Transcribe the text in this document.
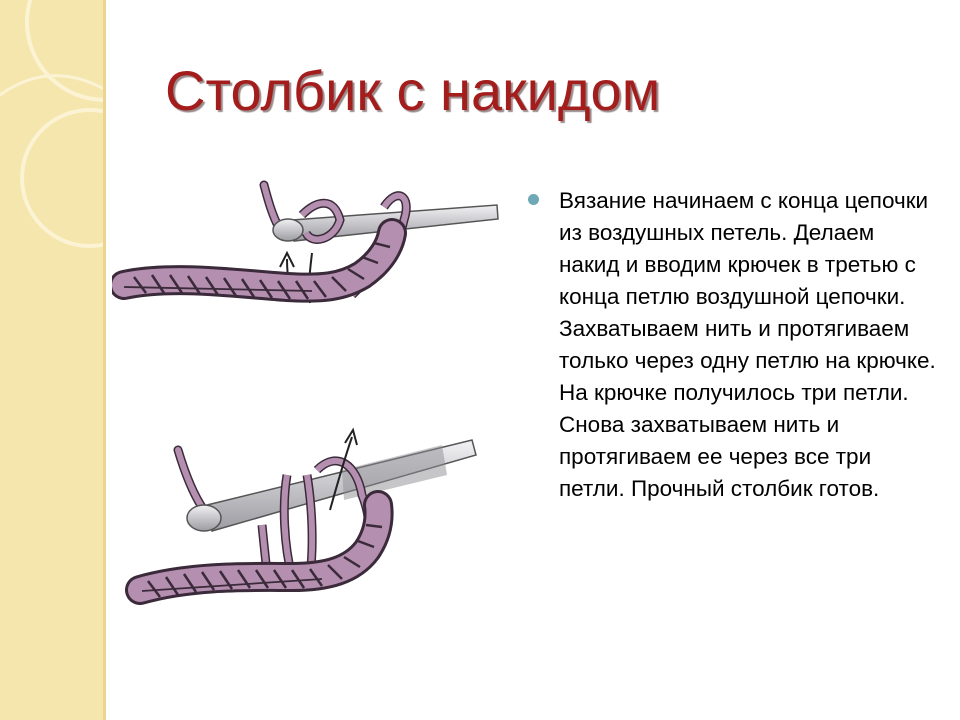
Столбик с накидом

Вязание начинаем с конца цепочки из воздушных петель. Делаем накид и вводим крючек в третью с конца петлю воздушной цепочки. Захватываем нить и протягиваем только через одну петлю на крючке.

На крючке получилось три петли. Снова захватываем нить и протягиваем ее через все три петли. Прочный столбик готов.
